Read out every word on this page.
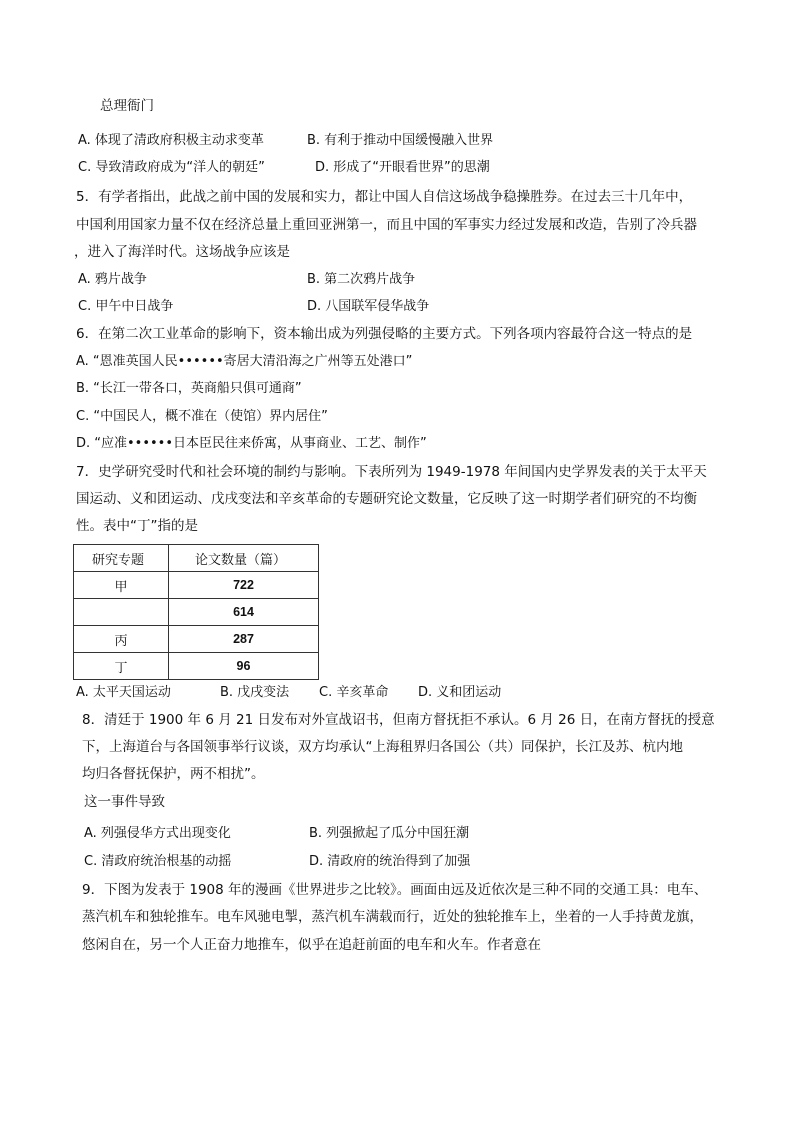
总理衙门
A. 体现了清政府积极主动求变革	B. 有利于推动中国缓慢融入世界
C. 导致清政府成为“洋人的朝廷”	D. 形成了“开眼看世界”的思潮
5．有学者指出，此战之前中国的发展和实力，都让中国人自信这场战争稳操胜券。在过去三十几年中，
中国利用国家力量不仅在经济总量上重回亚洲第一，而且中国的军事实力经过发展和改造，告别了冷兵器
，进入了海洋时代。这场战争应该是
A. 鸦片战争	B. 第二次鸦片战争
C. 甲午中日战争	D. 八国联军侵华战争
6．在第二次工业革命的影响下，资本输出成为列强侵略的主要方式。下列各项内容最符合这一特点的是
A. “恩准英国人民••••••寄居大清沿海之广州等五处港口”
B. “长江一带各口，英商船只俱可通商”
C. “中国民人，概不准在（使馆）界内居住”
D. “应准••••••日本臣民往来侨寓，从事商业、工艺、制作”
7．史学研究受时代和社会环境的制约与影响。下表所列为 1949-1978 年间国内史学界发表的关于太平天
国运动、义和团运动、戊戌变法和辛亥革命的专题研究论文数量，它反映了这一时期学者们研究的不均衡
性。表中“丁”指的是
研究专题	论文数量（篇）
甲	722
	614
丙	287
丁	96
A. 太平天国运动	B. 戊戌变法 C. 辛亥革命 D. 义和团运动
8．清廷于 1900 年 6 月 21 日发布对外宣战诏书，但南方督抚拒不承认。6 月 26 日，在南方督抚的授意
下，上海道台与各国领事举行议谈，双方均承认“上海租界归各国公（共）同保护，长江及苏、杭内地
均归各督抚保护，两不相扰”。
这一事件导致
A. 列强侵华方式出现变化	B. 列强掀起了瓜分中国狂潮
C. 清政府统治根基的动摇	D. 清政府的统治得到了加强
9．下图为发表于 1908 年的漫画《世界进步之比较》。画面由远及近依次是三种不同的交通工具：电车、
蒸汽机车和独轮推车。电车风驰电掣，蒸汽机车满载而行，近处的独轮推车上，坐着的一人手持黄龙旗，
悠闲自在，另一个人正奋力地推车，似乎在追赶前面的电车和火车。作者意在
